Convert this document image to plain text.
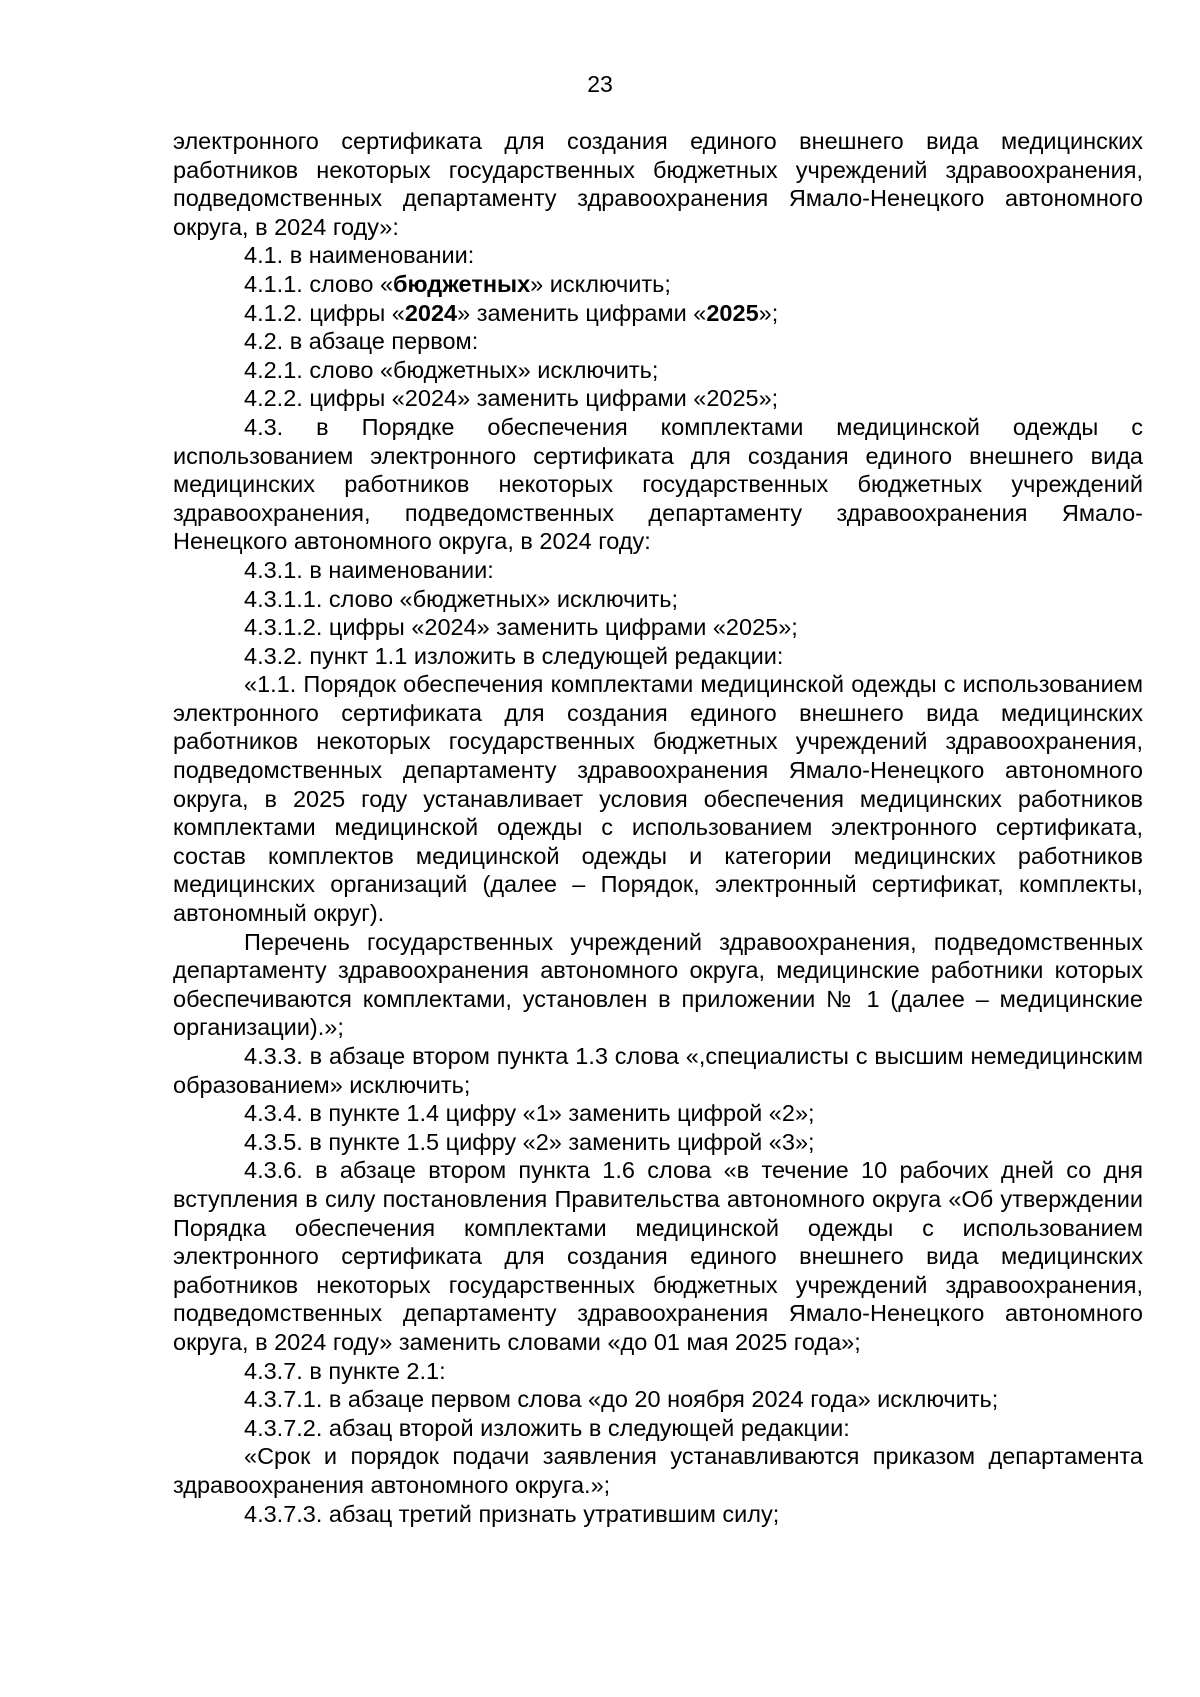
23

электронного сертификата для создания единого внешнего вида медицинских работников некоторых государственных бюджетных учреждений здравоохранения, подведомственных департаменту здравоохранения Ямало-Ненецкого автономного округа, в 2024 году»:

4.1. в наименовании:

4.1.1. слово «бюджетных» исключить;

4.1.2. цифры «2024» заменить цифрами «2025»;

4.2. в абзаце первом:

4.2.1. слово «бюджетных» исключить;

4.2.2. цифры «2024» заменить цифрами «2025»;

4.3. в Порядке обеспечения комплектами медицинской одежды с использованием электронного сертификата для создания единого внешнего вида медицинских работников некоторых государственных бюджетных учреждений здравоохранения, подведомственных департаменту здравоохранения Ямало-Ненецкого автономного округа, в 2024 году:

4.3.1. в наименовании:

4.3.1.1. слово «бюджетных» исключить;

4.3.1.2. цифры «2024» заменить цифрами «2025»;

4.3.2. пункт 1.1 изложить в следующей редакции:

«1.1. Порядок обеспечения комплектами медицинской одежды с использованием электронного сертификата для создания единого внешнего вида медицинских работников некоторых государственных бюджетных учреждений здравоохранения, подведомственных департаменту здравоохранения Ямало-Ненецкого автономного округа, в 2025 году устанавливает условия обеспечения медицинских работников комплектами медицинской одежды с использованием электронного сертификата, состав комплектов медицинской одежды и категории медицинских работников медицинских организаций (далее – Порядок, электронный сертификат, комплекты, автономный округ).

Перечень государственных учреждений здравоохранения, подведомственных департаменту здравоохранения автономного округа, медицинские работники которых обеспечиваются комплектами, установлен в приложении № 1 (далее – медицинские организации).»;

4.3.3. в абзаце втором пункта 1.3 слова «,специалисты с высшим немедицинским образованием» исключить;

4.3.4. в пункте 1.4 цифру «1» заменить цифрой «2»;

4.3.5. в пункте 1.5 цифру «2» заменить цифрой «3»;

4.3.6. в абзаце втором пункта 1.6 слова «в течение 10 рабочих дней со дня вступления в силу постановления Правительства автономного округа «Об утверждении Порядка обеспечения комплектами медицинской одежды с использованием электронного сертификата для создания единого внешнего вида медицинских работников некоторых государственных бюджетных учреждений здравоохранения, подведомственных департаменту здравоохранения Ямало-Ненецкого автономного округа, в 2024 году» заменить словами «до 01 мая 2025 года»;

4.3.7. в пункте 2.1:

4.3.7.1. в абзаце первом слова «до 20 ноября 2024 года» исключить;

4.3.7.2. абзац второй изложить в следующей редакции:

«Срок и порядок подачи заявления устанавливаются приказом департамента здравоохранения автономного округа.»;

4.3.7.3. абзац третий признать утратившим силу;
